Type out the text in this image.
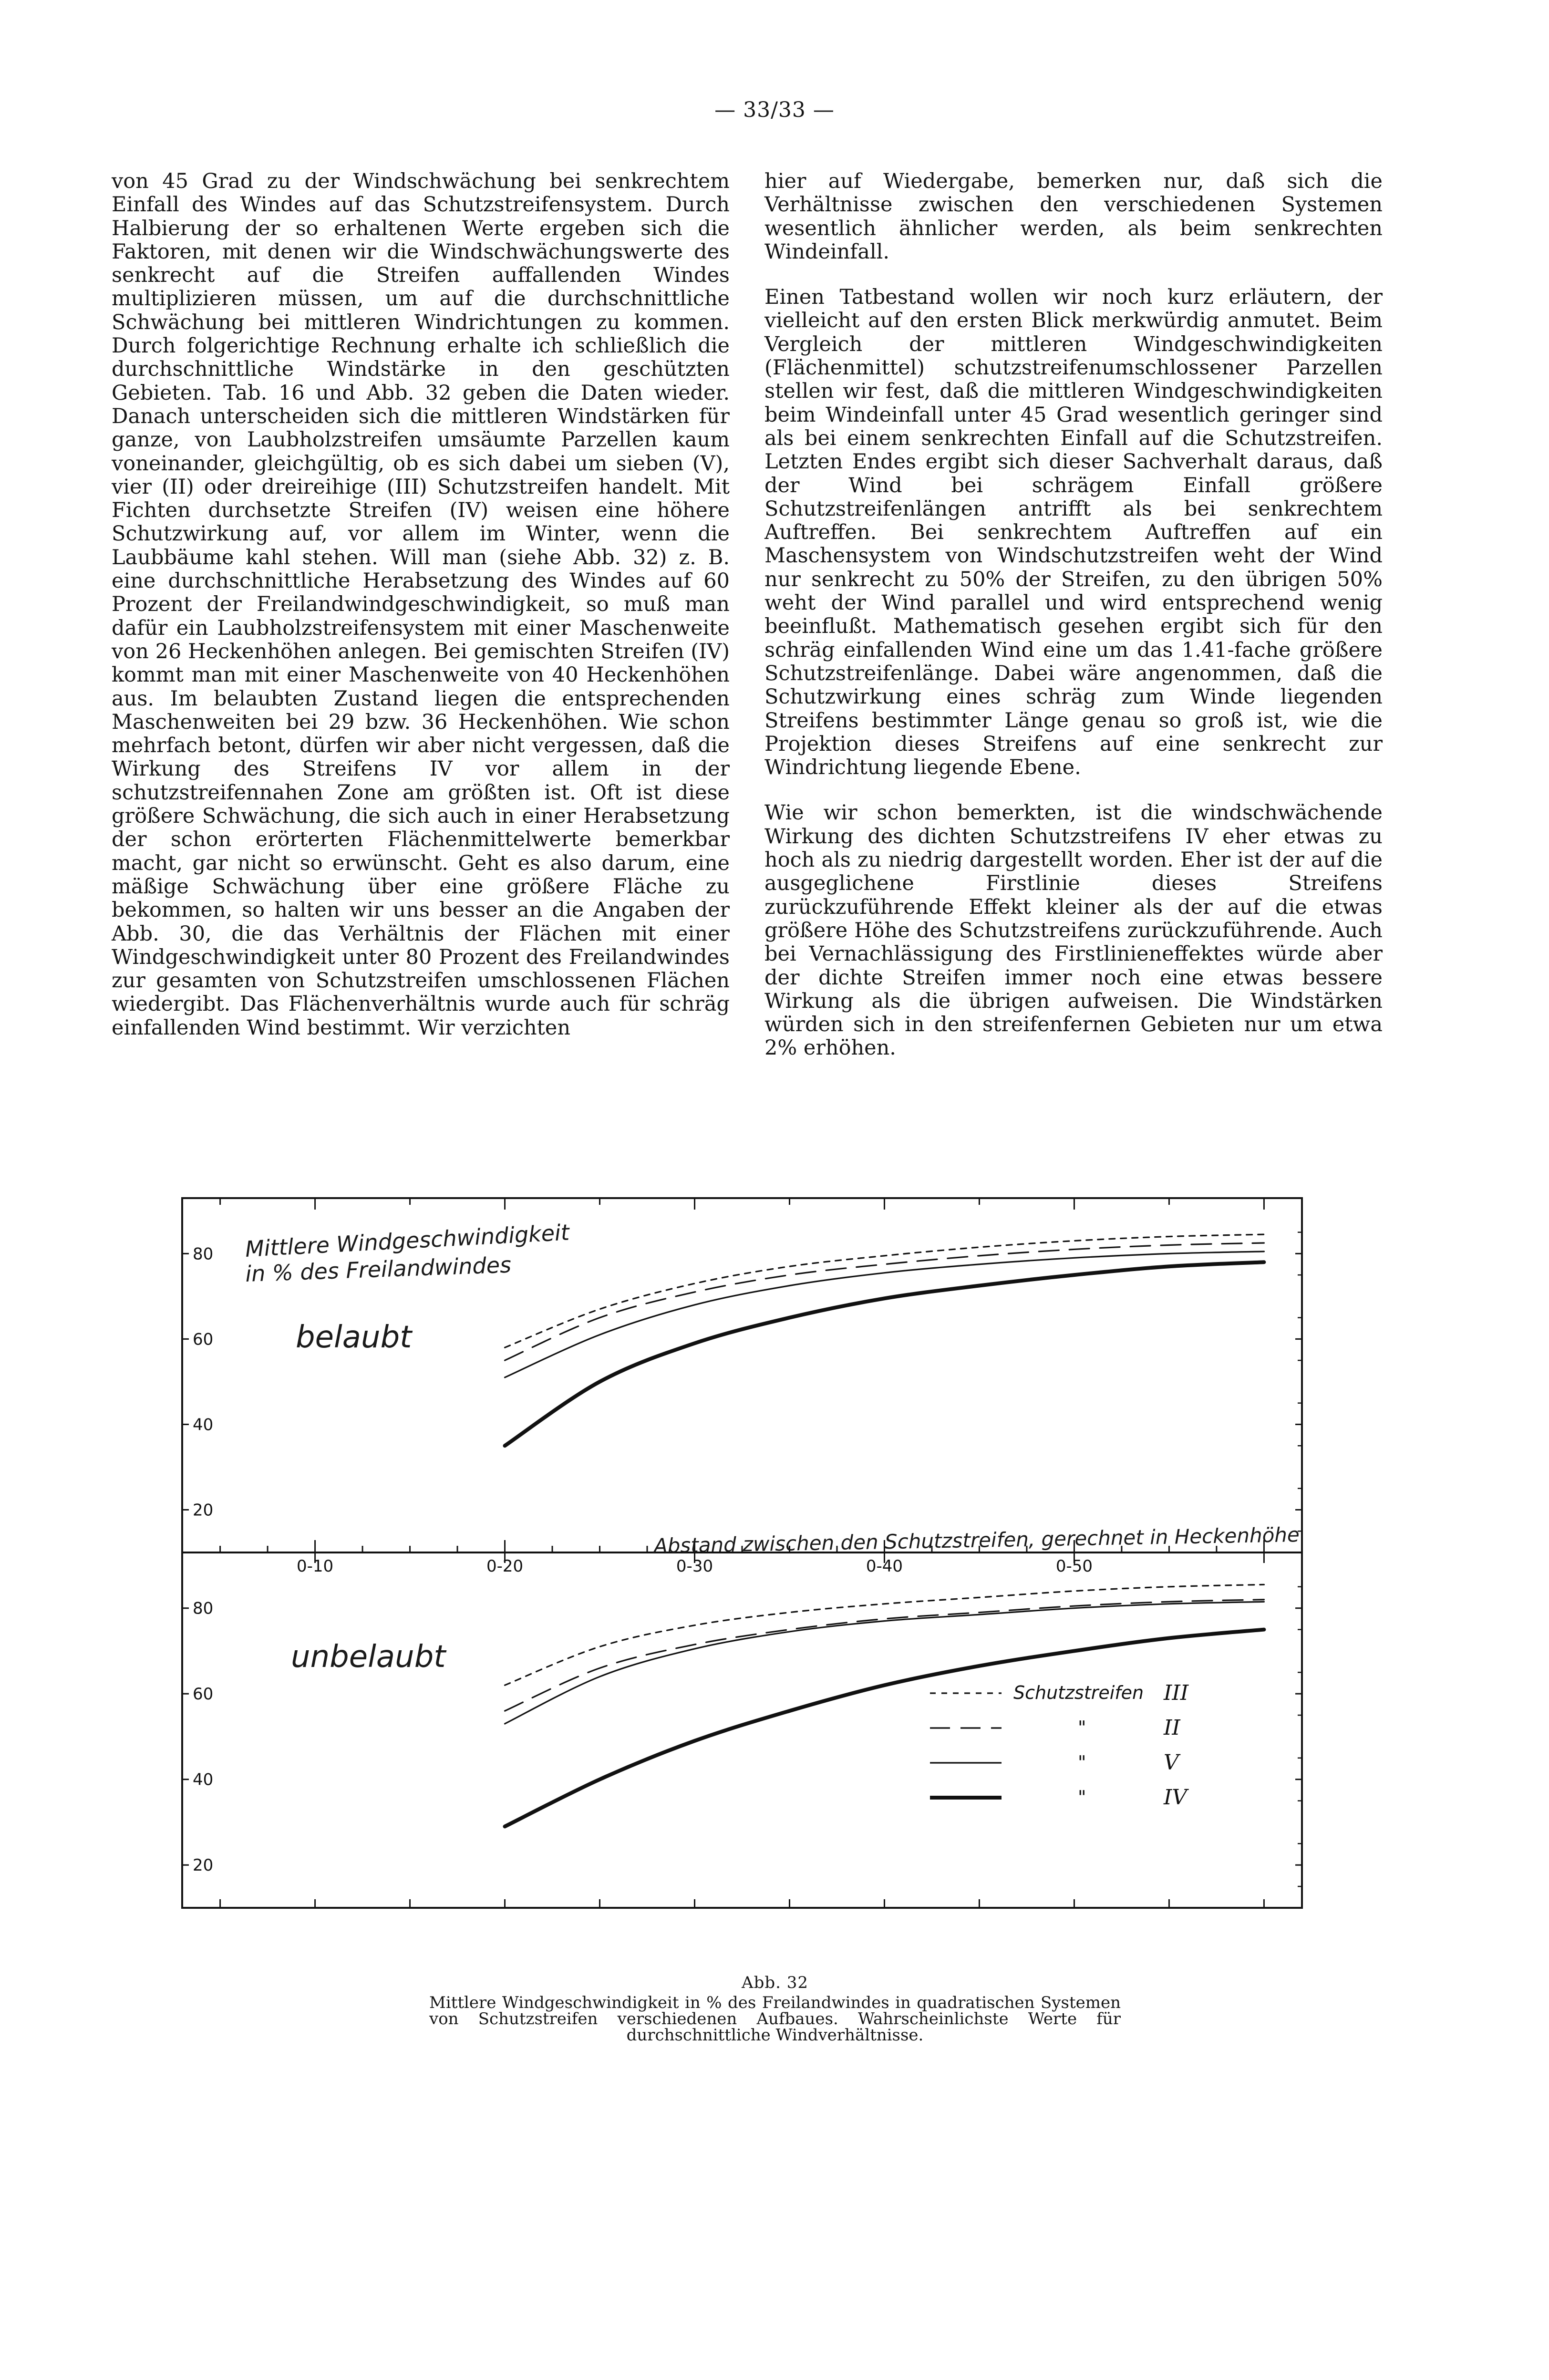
— 33/33 —

von 45 Grad zu der Windschwächung bei senkrechtem Einfall des Windes auf das Schutzstreifensystem. Durch Halbierung der so erhaltenen Werte ergeben sich die Faktoren, mit denen wir die Windschwächungswerte des senkrecht auf die Streifen auffallenden Windes multiplizieren müssen, um auf die durchschnittliche Schwächung bei mittleren Windrichtungen zu kommen. Durch folgerichtige Rechnung erhalte ich schließlich die durchschnittliche Windstärke in den geschützten Gebieten. Tab. 16 und Abb. 32 geben die Daten wieder. Danach unterscheiden sich die mittleren Windstärken für ganze, von Laubholzstreifen umsäumte Parzellen kaum voneinander, gleichgültig, ob es sich dabei um sieben (V), vier (II) oder dreireihige (III) Schutzstreifen handelt. Mit Fichten durchsetzte Streifen (IV) weisen eine höhere Schutzwirkung auf, vor allem im Winter, wenn die Laubbäume kahl stehen. Will man (siehe Abb. 32) z. B. eine durchschnittliche Herabsetzung des Windes auf 60 Prozent der Freilandwindgeschwindigkeit, so muß man dafür ein Laubholzstreifensystem mit einer Maschenweite von 26 Heckenhöhen anlegen. Bei gemischten Streifen (IV) kommt man mit einer Maschenweite von 40 Heckenhöhen aus. Im belaubten Zustand liegen die entsprechenden Maschenweiten bei 29 bzw. 36 Heckenhöhen. Wie schon mehrfach betont, dürfen wir aber nicht vergessen, daß die Wirkung des Streifens IV vor allem in der schutzstreifennahen Zone am größten ist. Oft ist diese größere Schwächung, die sich auch in einer Herabsetzung der schon erörterten Flächenmittelwerte bemerkbar macht, gar nicht so erwünscht. Geht es also darum, eine mäßige Schwächung über eine größere Fläche zu bekommen, so halten wir uns besser an die Angaben der Abb. 30, die das Verhältnis der Flächen mit einer Windgeschwindigkeit unter 80 Prozent des Freilandwindes zur gesamten von Schutzstreifen umschlossenen Flächen wiedergibt. Das Flächenverhältnis wurde auch für schräg einfallenden Wind bestimmt. Wir verzichten

hier auf Wiedergabe, bemerken nur, daß sich die Verhältnisse zwischen den verschiedenen Systemen wesentlich ähnlicher werden, als beim senkrechten Windeinfall.

Einen Tatbestand wollen wir noch kurz erläutern, der vielleicht auf den ersten Blick merkwürdig anmutet. Beim Vergleich der mittleren Windgeschwindigkeiten (Flächenmittel) schutzstreifenumschlossener Parzellen stellen wir fest, daß die mittleren Windgeschwindigkeiten beim Windeinfall unter 45 Grad wesentlich geringer sind als bei einem senkrechten Einfall auf die Schutzstreifen. Letzten Endes ergibt sich dieser Sachverhalt daraus, daß der Wind bei schrägem Einfall größere Schutzstreifenlängen antrifft als bei senkrechtem Auftreffen. Bei senkrechtem Auftreffen auf ein Maschensystem von Windschutzstreifen weht der Wind nur senkrecht zu 50% der Streifen, zu den übrigen 50% weht der Wind parallel und wird entsprechend wenig beeinflußt. Mathematisch gesehen ergibt sich für den schräg einfallenden Wind eine um das 1.41-fache größere Schutzstreifenlänge. Dabei wäre angenommen, daß die Schutzwirkung eines schräg zum Winde liegenden Streifens bestimmter Länge genau so groß ist, wie die Projektion dieses Streifens auf eine senkrecht zur Windrichtung liegende Ebene.

Wie wir schon bemerkten, ist die windschwächende Wirkung des dichten Schutzstreifens IV eher etwas zu hoch als zu niedrig dargestellt worden. Eher ist der auf die ausgeglichene Firstlinie dieses Streifens zurückzuführende Effekt kleiner als der auf die etwas größere Höhe des Schutzstreifens zurückzuführende. Auch bei Vernachlässigung des Firstlinieneffektes würde aber der dichte Streifen immer noch eine etwas bessere Wirkung als die übrigen aufweisen. Die Windstärken würden sich in den streifenfernen Gebieten nur um etwa 2% erhöhen.

20
40
60
80
0-10	0-20	0-30	0-40	0-50
20
40
60
80
Mittlere Windgeschwindigkeit
in % des Freilandwindes
belaubt
unbelaubt
Abstand zwischen den Schutzstreifen, gerechnet in Heckenhöhe
Schutzstreifen III
"	II
"	V
"	IV
Abb. 32
Mittlere Windgeschwindigkeit in % des Freilandwindes in quadratischen Systemen von Schutzstreifen verschiedenen Aufbaues. Wahrscheinlichste Werte für durchschnittliche Windverhältnisse.
